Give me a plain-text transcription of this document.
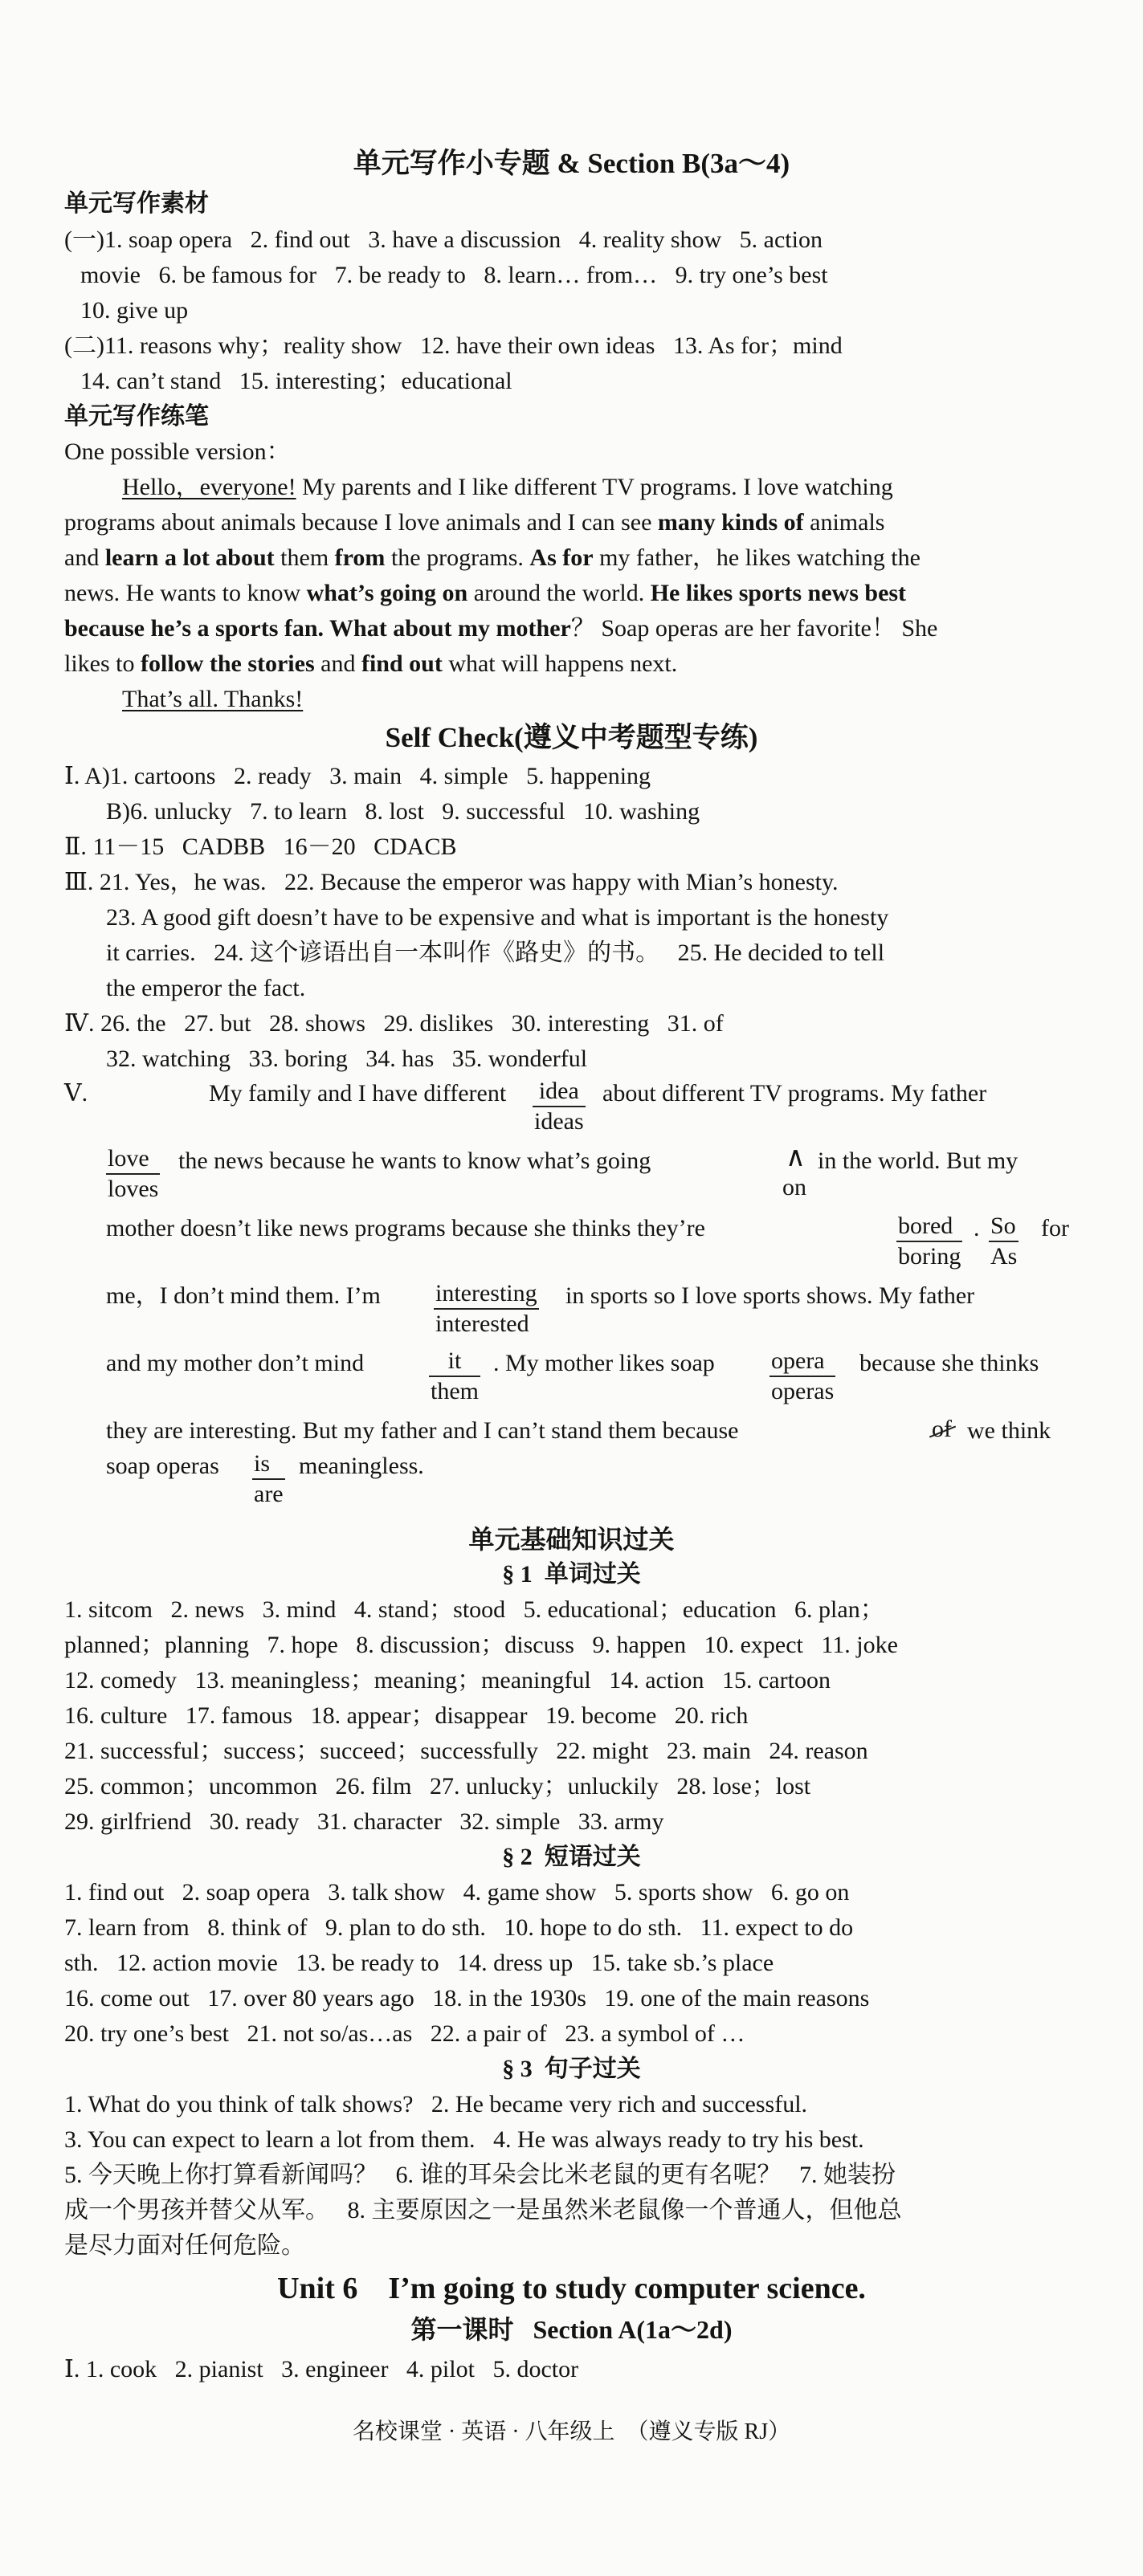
单元写作小专题 & Section B(3a～4)
单元写作素材
(一)1. soap opera   2. find out   3. have a discussion   4. reality show   5. action
movie   6. be famous for   7. be ready to   8. learn… from…   9. try one’s best
10. give up
(二)11. reasons why；reality show   12. have their own ideas   13. As for；mind
14. can’t stand   15. interesting；educational
单元写作练笔
One possible version：
Hello，everyone! My parents and I like different TV programs. I love watching
programs about animals because I love animals and I can see many kinds of animals
and learn a lot about them from the programs. As for my father，he likes watching the
news. He wants to know what’s going on around the world. He likes sports news best
because he’s a sports fan. What about my mother？ Soap operas are her favorite！ She
likes to follow the stories and find out what will happens next.
That’s all. Thanks!
Self Check(遵义中考题型专练)
Ⅰ. A)1. cartoons   2. ready   3. main   4. simple   5. happening
B)6. unlucky   7. to learn   8. lost   9. successful   10. washing
Ⅱ. 11－15   CADBB   16－20   CDACB
Ⅲ. 21. Yes，he was.   22. Because the emperor was happy with Mian’s honesty.
23. A good gift doesn’t have to be expensive and what is important is the honesty
it carries.   24. 这个谚语出自一本叫作《路史》的书。   25. He decided to tell
the emperor the fact.
Ⅳ. 26. the   27. but   28. shows   29. dislikes   30. interesting   31. of
32. watching   33. boring   34. has   35. wonderful
Ⅴ.	My family and I have different idea
ideas
about different TV programs. My father
love
loves
the news because he wants to know what’s going	∧
on
in the world. But my
mother doesn’t like news programs because she thinks they’re	bored
boring
. So
As
for
me，I don’t mind them. I’m interesting
interested
in sports so I love sports shows. My father
and my mother don’t mind	it
them
. My mother likes soap opera
operas
because she thinks
they are interesting. But my father and I can’t stand them because	of we think
soap operas is
are
meaningless.
单元基础知识过关
§ 1  单词过关
1. sitcom   2. news   3. mind   4. stand；stood   5. educational；education   6. plan；
planned；planning   7. hope   8. discussion；discuss   9. happen   10. expect   11. joke
12. comedy   13. meaningless；meaning；meaningful   14. action   15. cartoon
16. culture   17. famous   18. appear；disappear   19. become   20. rich
21. successful；success；succeed；successfully   22. might   23. main   24. reason
25. common；uncommon   26. film   27. unlucky；unluckily   28. lose；lost
29. girlfriend   30. ready   31. character   32. simple   33. army
§ 2  短语过关
1. find out   2. soap opera   3. talk show   4. game show   5. sports show   6. go on
7. learn from   8. think of   9. plan to do sth.   10. hope to do sth.   11. expect to do
sth.   12. action movie   13. be ready to   14. dress up   15. take sb.’s place
16. come out   17. over 80 years ago   18. in the 1930s   19. one of the main reasons
20. try one’s best   21. not so/as…as   22. a pair of   23. a symbol of …
§ 3  句子过关
1. What do you think of talk shows?   2. He became very rich and successful.
3. You can expect to learn a lot from them.   4. He was always ready to try his best.
5. 今天晚上你打算看新闻吗？   6. 谁的耳朵会比米老鼠的更有名呢？   7. 她装扮
成一个男孩并替父从军。   8. 主要原因之一是虽然米老鼠像一个普通人，但他总
是尽力面对任何危险。
Unit 6    I’m going to study computer science.
第一课时   Section A(1a～2d)
Ⅰ. 1. cook   2. pianist   3. engineer   4. pilot   5. doctor
名校课堂 · 英语 · 八年级上  （遵义专版 RJ）
